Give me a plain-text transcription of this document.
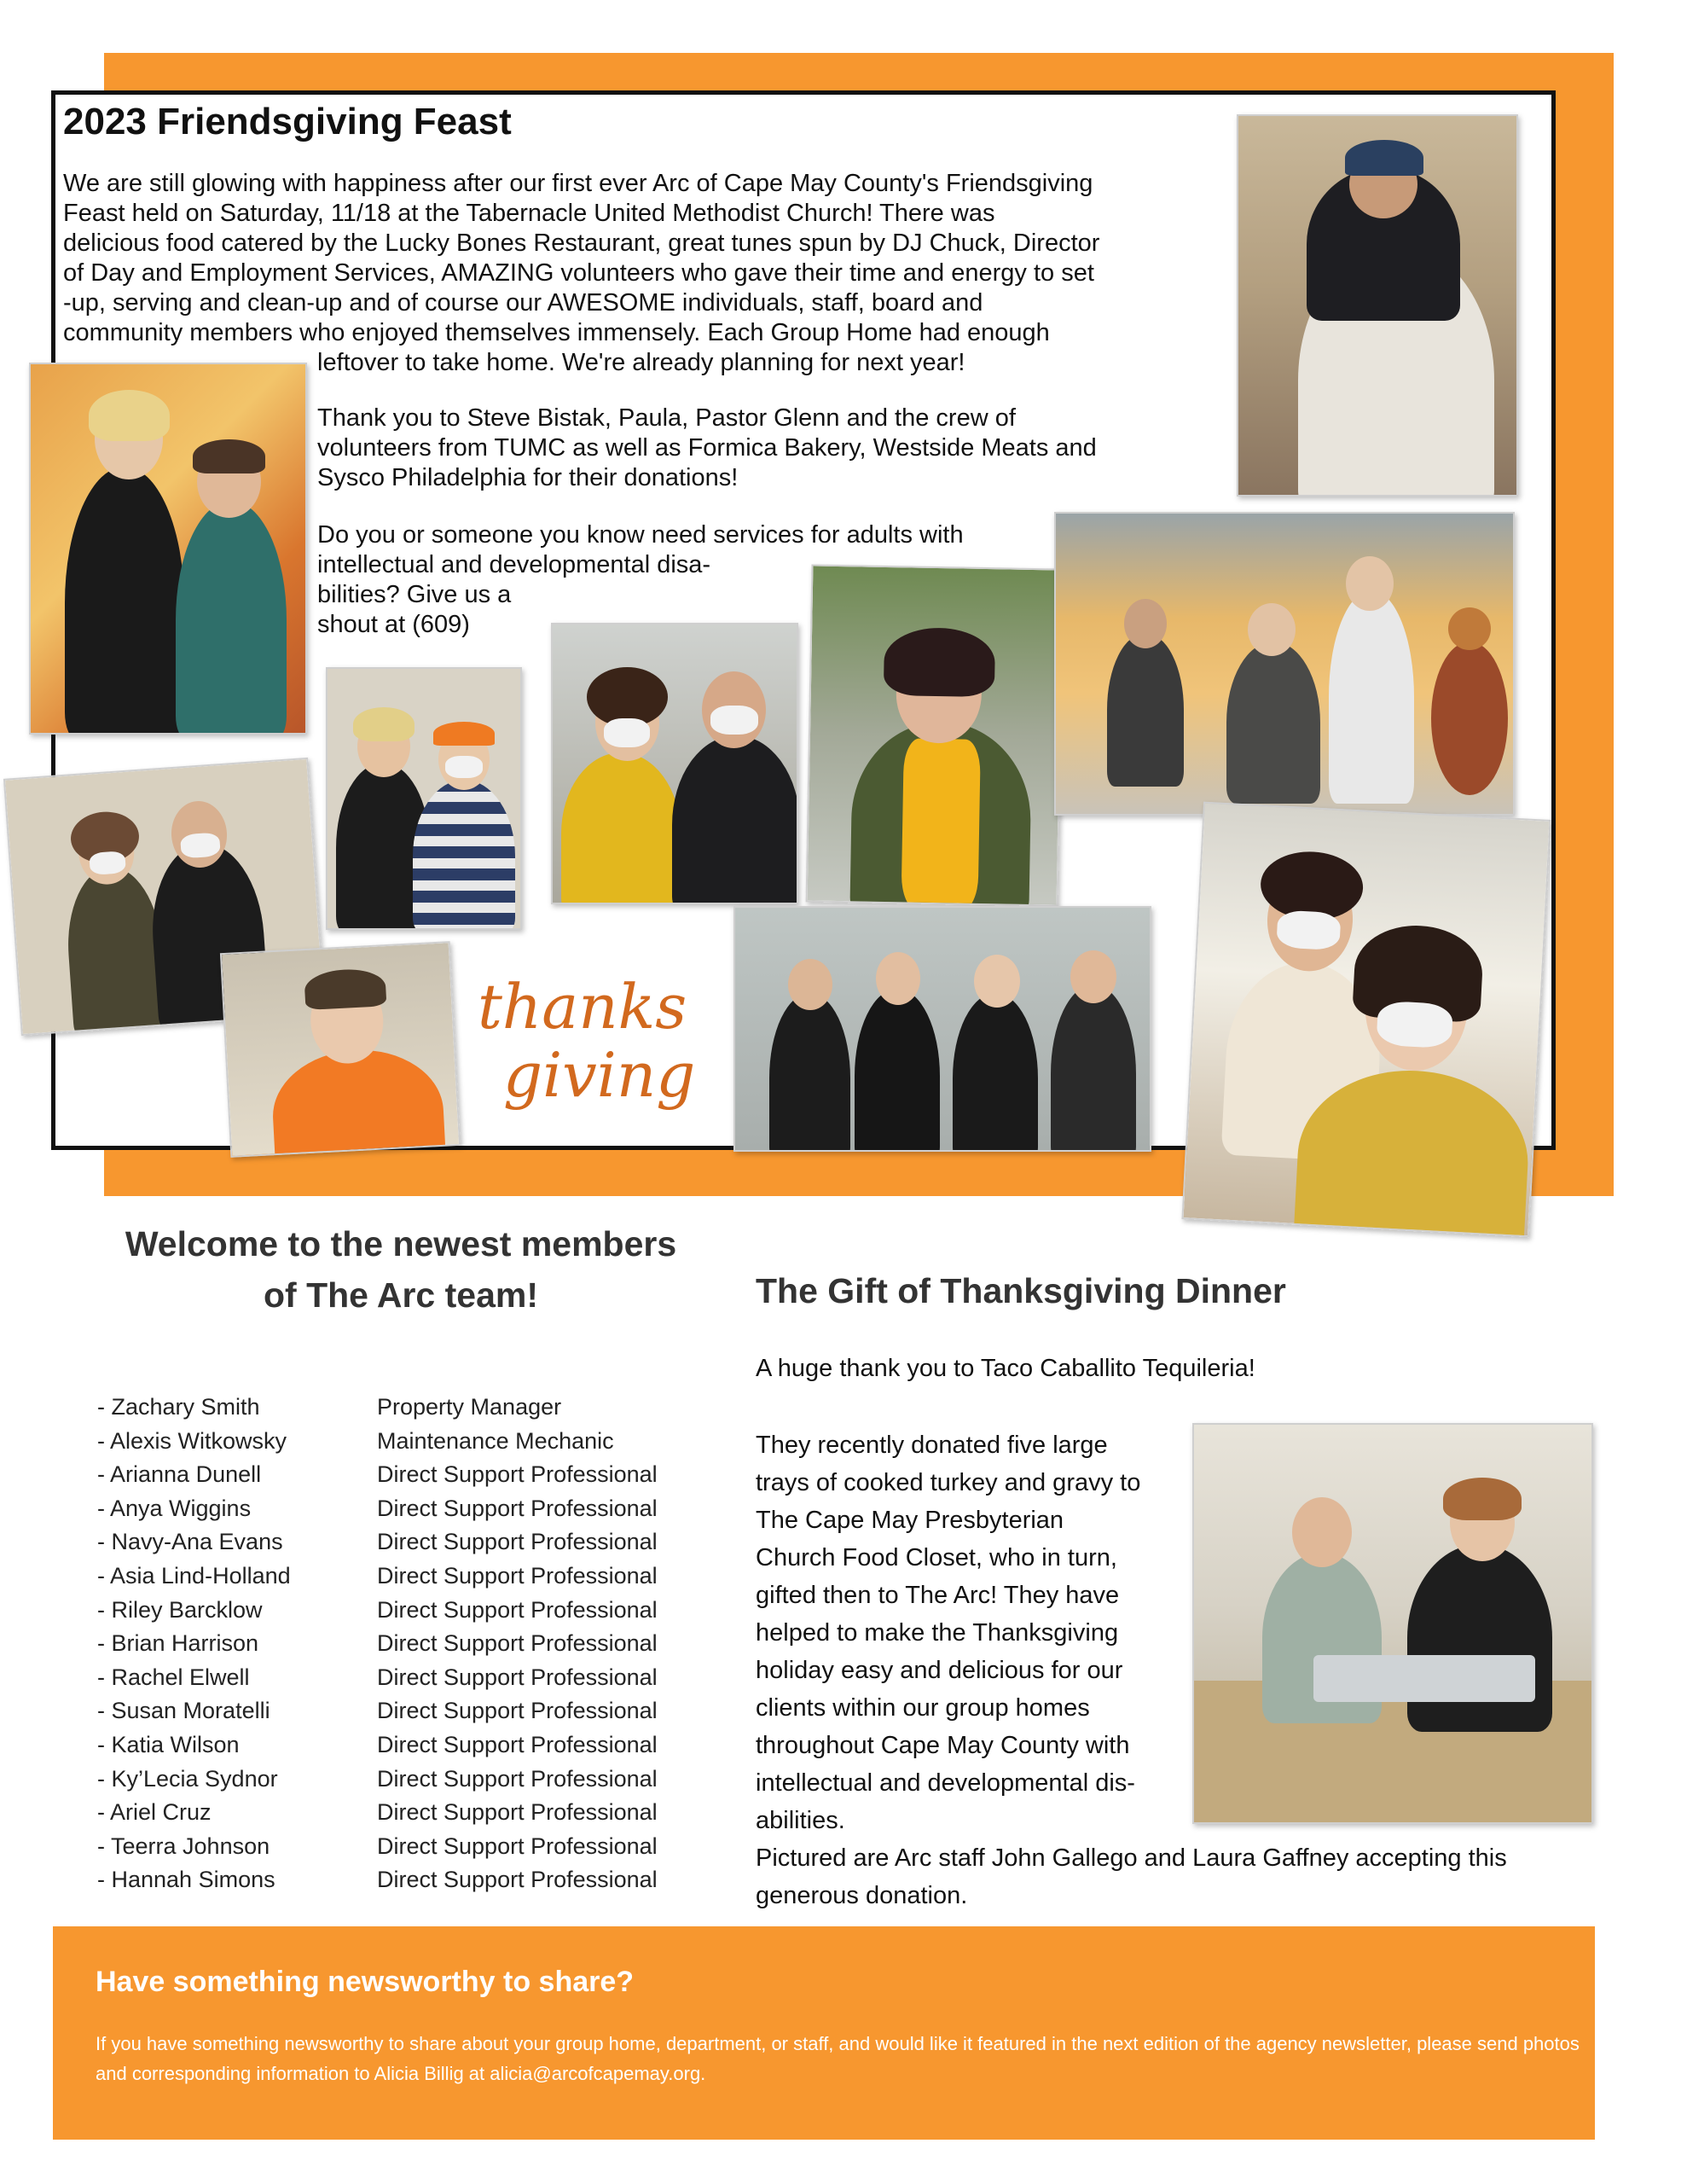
2023 Friendsgiving Feast

We are still glowing with happiness after our first ever Arc of Cape May County's Friendsgiving

Feast held on Saturday, 11/18 at the Tabernacle United Methodist Church! There was

delicious food catered by the Lucky Bones Restaurant, great tunes spun by DJ Chuck, Director

of Day and Employment Services, AMAZING volunteers who gave their time and energy to set

-up, serving and clean-up and of course our AWESOME individuals, staff, board and

community members who enjoyed themselves immensely. Each Group Home had enough

leftover to take home. We're already planning for next year!

Thank you to Steve Bistak, Paula, Pastor Glenn and the crew of

volunteers from TUMC as well as Formica Bakery, Westside Meats and

Sysco Philadelphia for their donations!

Do you or someone you know need services for adults with

intellectual and developmental disa-

bilities? Give us a

shout at (609)

thanks
giving
Welcome to the newest members
of The Arc team!
- Zachary Smith	Property Manager
- Alexis Witkowsky	Maintenance Mechanic
- Arianna Dunell	Direct Support Professional
- Anya Wiggins	Direct Support Professional
- Navy-Ana Evans	Direct Support Professional
- Asia Lind-Holland	Direct Support Professional
- Riley Barcklow	Direct Support Professional
- Brian Harrison	Direct Support Professional
- Rachel Elwell	Direct Support Professional
- Susan Moratelli	Direct Support Professional
- Katia Wilson	Direct Support Professional
- Ky’Lecia Sydnor	Direct Support Professional
- Ariel Cruz	Direct Support Professional
- Teerra Johnson	Direct Support Professional
- Hannah Simons	Direct Support Professional
The Gift of Thanksgiving Dinner

A huge thank you to Taco Caballito Tequileria!

They recently donated five large

trays of cooked turkey and gravy to

The Cape May Presbyterian

Church Food Closet, who in turn,

gifted then to The Arc! They have

helped to make the Thanksgiving

holiday easy and delicious for our

clients within our group homes

throughout Cape May County with

intellectual and developmental dis-

abilities.

Pictured are Arc staff John Gallego and Laura Gaffney accepting this

generous donation.

Have something newsworthy to share?

If you have something newsworthy to share about your group home, department, or staff, and would like it featured in the next edition of the agency newsletter, please send photos and corresponding information to Alicia Billig at alicia@arcofcapemay.org.
